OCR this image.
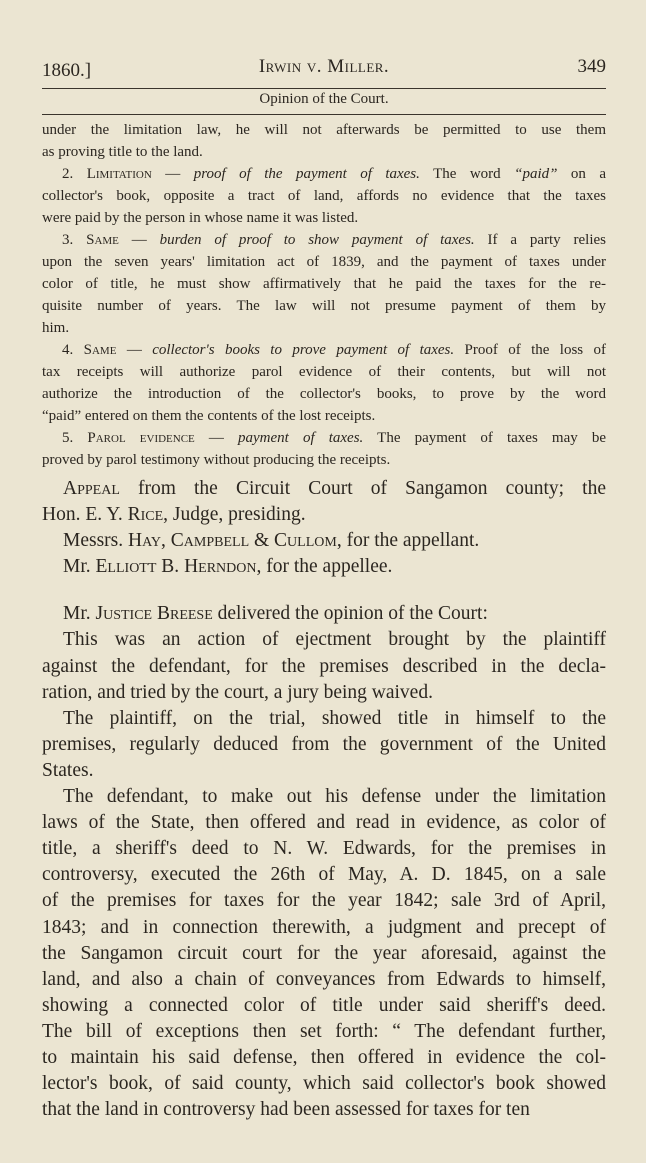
1860.]	Irwin v. Miller.	349
Opinion of the Court.
under the limitation law, he will not afterwards be permitted to use them
as proving title to the land.
2. Limitation — proof of the payment of taxes. The word “paid” on a
collector's book, opposite a tract of land, affords no evidence that the taxes
were paid by the person in whose name it was listed.
3. Same — burden of proof to show payment of taxes. If a party relies
upon the seven years' limitation act of 1839, and the payment of taxes under
color of title, he must show affirmatively that he paid the taxes for the re-
quisite number of years. The law will not presume payment of them by
him.
4. Same — collector's books to prove payment of taxes. Proof of the loss of
tax receipts will authorize parol evidence of their contents, but will not
authorize the introduction of the collector's books, to prove by the word
“paid” entered on them the contents of the lost receipts.
5. Parol evidence — payment of taxes. The payment of taxes may be
proved by parol testimony without producing the receipts.
Appeal from the Circuit Court of Sangamon county; the
Hon. E. Y. Rice, Judge, presiding.
Messrs. Hay, Campbell & Cullom, for the appellant.
Mr. Elliott B. Herndon, for the appellee.
Mr. Justice Breese delivered the opinion of the Court:
This was an action of ejectment brought by the plaintiff
against the defendant, for the premises described in the decla-
ration, and tried by the court, a jury being waived.
The plaintiff, on the trial, showed title in himself to the
premises, regularly deduced from the government of the United
States.
The defendant, to make out his defense under the limitation
laws of the State, then offered and read in evidence, as color of
title, a sheriff's deed to N. W. Edwards, for the premises in
controversy, executed the 26th of May, A. D. 1845, on a sale
of the premises for taxes for the year 1842; sale 3rd of April,
1843; and in connection therewith, a judgment and precept of
the Sangamon circuit court for the year aforesaid, against the
land, and also a chain of conveyances from Edwards to himself,
showing a connected color of title under said sheriff's deed.
The bill of exceptions then set forth: “ The defendant further,
to maintain his said defense, then offered in evidence the col-
lector's book, of said county, which said collector's book showed
that the land in controversy had been assessed for taxes for ten
